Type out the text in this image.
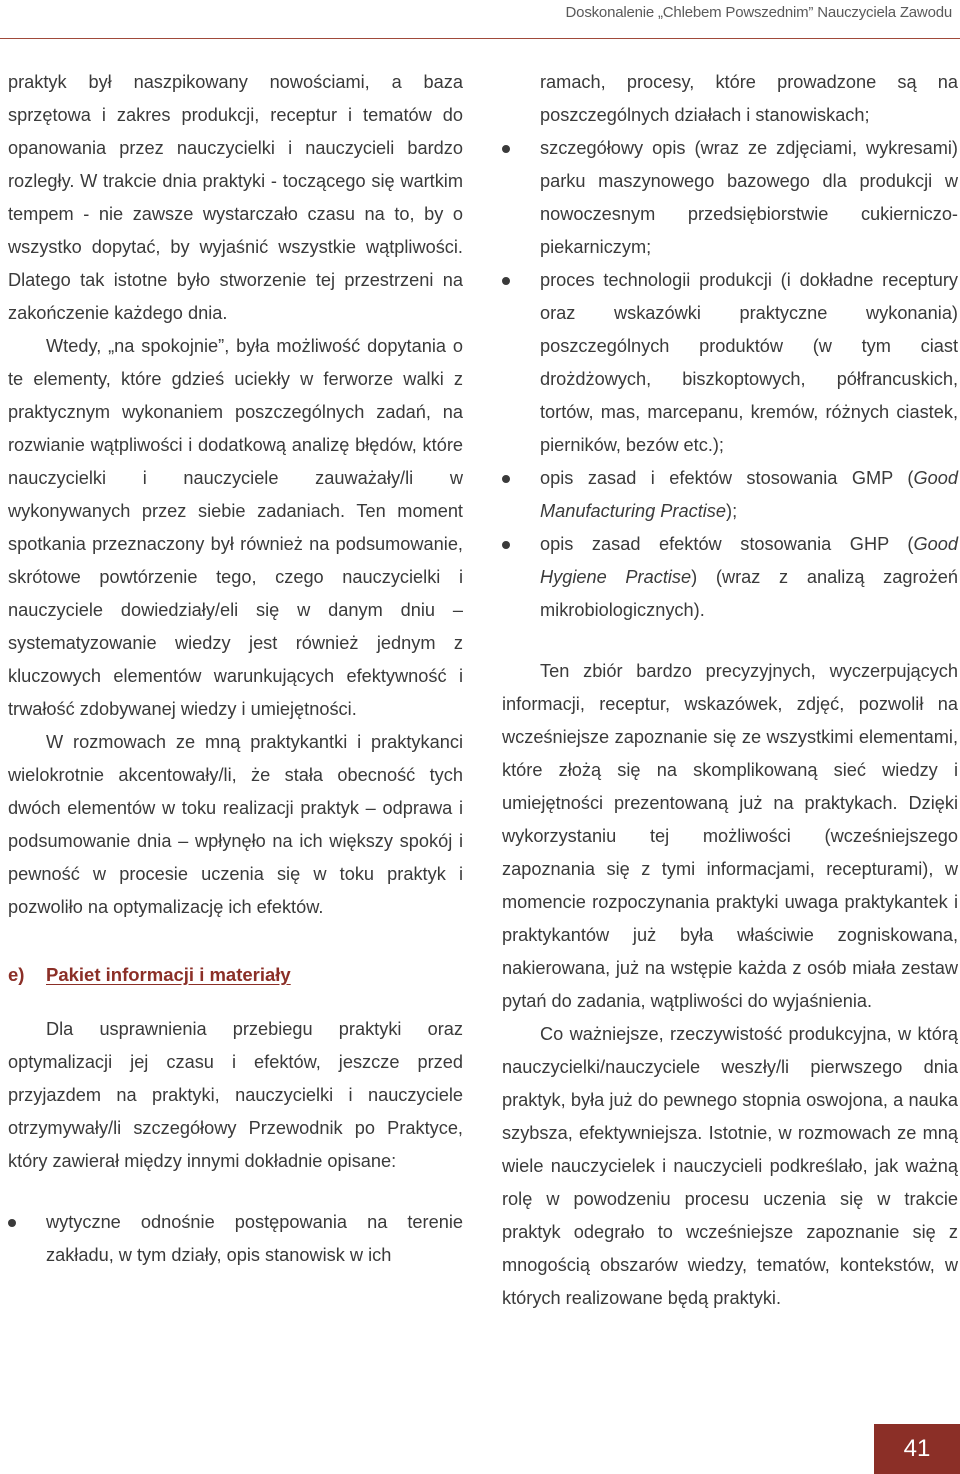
Doskonalenie „Chlebem Powszednim” Nauczyciela Zawodu

praktyk był naszpikowany nowościami, a baza sprzętowa i zakres produkcji, receptur i tematów do opanowania przez nauczycielki i nauczycieli bardzo rozległy. W trakcie dnia praktyki - toczącego się wartkim tempem - nie zawsze wystarczało czasu na to, by o wszystko dopytać, by wyjaśnić wszystkie wątpliwości. Dlatego tak istotne było stworzenie tej przestrzeni na zakończenie każdego dnia.

Wtedy, „na spokojnie”, była możliwość dopytania o te elementy, które gdzieś uciekły w ferworze walki z praktycznym wykonaniem poszczególnych zadań, na rozwianie wątpliwości i dodatkową analizę błędów, które nauczycielki i nauczyciele zauważały/li w wykonywanych przez siebie zadaniach. Ten moment spotkania przeznaczony był również na podsumowanie, skrótowe powtórzenie tego, czego nauczycielki i nauczyciele dowiedziały/eli się w danym dniu – systematyzowanie wiedzy jest również jednym z kluczowych elementów warunkujących efektywność i trwałość zdobywanej wiedzy i umiejętności.

W rozmowach ze mną praktykantki i praktykanci wielokrotnie akcentowały/li, że stała obecność tych dwóch elementów w toku realizacji praktyk – odprawa i podsumowanie dnia – wpłynęło na ich większy spokój i pewność w procesie uczenia się w toku praktyk i pozwoliło na optymalizację ich efektów.

e) Pakiet informacji i materiały

Dla usprawnienia przebiegu praktyki oraz optymalizacji jej czasu i efektów, jeszcze przed przyjazdem na praktyki, nauczycielki i nauczyciele otrzymywały/li szczegółowy Przewodnik po Praktyce, który zawierał między innymi dokładnie opisane:

wytyczne odnośnie postępowania na terenie zakładu, w tym działy, opis stanowisk w ich
ramach, procesy, które prowadzone są na poszczególnych działach i stanowiskach;
szczegółowy opis (wraz ze zdjęciami, wykresami) parku maszynowego bazowego dla produkcji w nowoczesnym przedsiębiorstwie cukierniczo-piekarniczym;
proces technologii produkcji (i dokładne receptury oraz wskazówki praktyczne wykonania) poszczególnych produktów (w tym ciast drożdżowych, biszkoptowych, półfrancuskich, tortów, mas, marcepanu, kremów, różnych ciastek, pierników, bezów etc.);
opis zasad i efektów stosowania GMP (Good Manufacturing Practise);
opis zasad efektów stosowania GHP (Good Hygiene Practise) (wraz z analizą zagrożeń mikrobiologicznych).

Ten zbiór bardzo precyzyjnych, wyczerpujących informacji, receptur, wskazówek, zdjęć, pozwolił na wcześniejsze zapoznanie się ze wszystkimi elementami, które złożą się na skomplikowaną sieć wiedzy i umiejętności prezentowaną już na praktykach. Dzięki wykorzystaniu tej możliwości (wcześniejszego zapoznania się z tymi informacjami, recepturami), w momencie rozpoczynania praktyki uwaga praktykantek i praktykantów już była właściwie zogniskowana, nakierowana, już na wstępie każda z osób miała zestaw pytań do zadania, wątpliwości do wyjaśnienia.

Co ważniejsze, rzeczywistość produkcyjna, w którą nauczycielki/nauczyciele weszły/li pierwszego dnia praktyk, była już do pewnego stopnia oswojona, a nauka szybsza, efektywniejsza. Istotnie, w rozmowach ze mną wiele nauczycielek i nauczycieli podkreślało, jak ważną rolę w powodzeniu procesu uczenia się w trakcie praktyk odegrało to wcześniejsze zapoznanie się z mnogością obszarów wiedzy, tematów, kontekstów, w których realizowane będą praktyki.

41
